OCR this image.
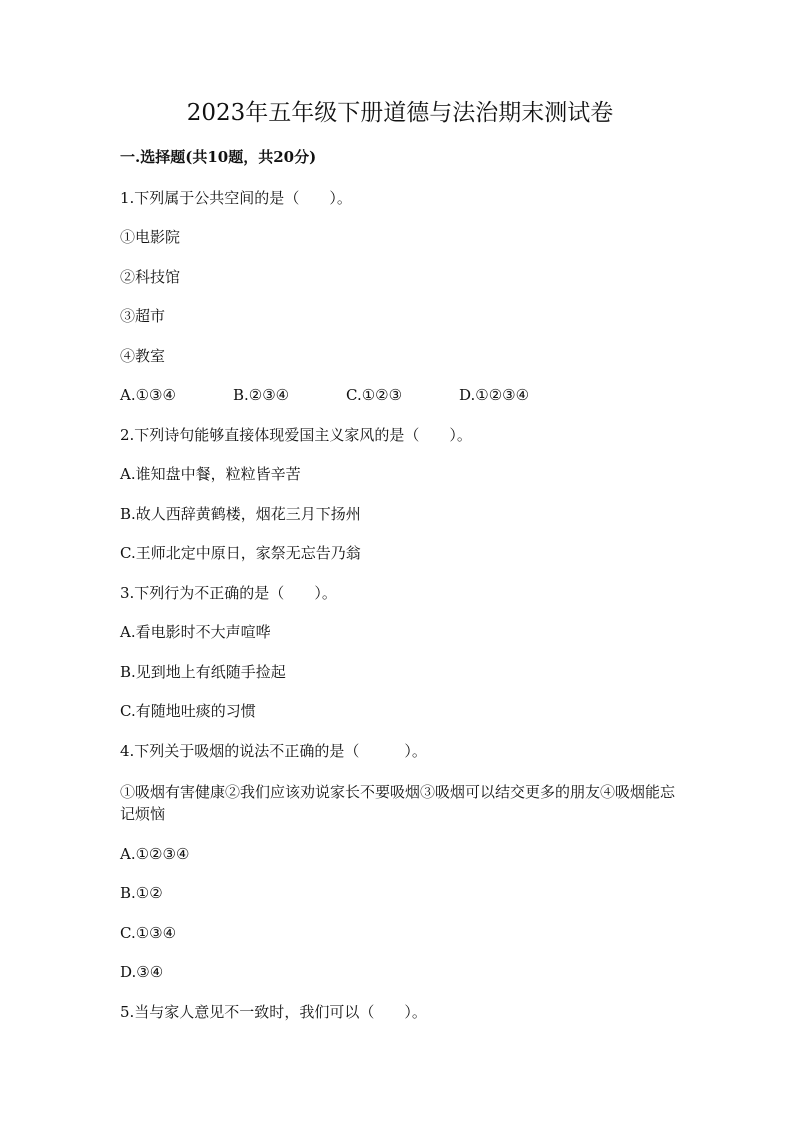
2023年五年级下册道德与法治期末测试卷
一.选择题(共10题，共20分)
1.下列属于公共空间的是（　　）。
①电影院
②科技馆
③超市
④教室
A.①③④	B.②③④	C.①②③	D.①②③④
2.下列诗句能够直接体现爱国主义家风的是（　　）。
A.谁知盘中餐，粒粒皆辛苦
B.故人西辞黄鹤楼，烟花三月下扬州
C.王师北定中原日，家祭无忘告乃翁
3.下列行为不正确的是（　　）。
A.看电影时不大声喧哗
B.见到地上有纸随手捡起
C.有随地吐痰的习惯
4.下列关于吸烟的说法不正确的是（　　　）。
①吸烟有害健康②我们应该劝说家长不要吸烟③吸烟可以结交更多的朋友④吸烟能忘记烦恼
A.①②③④
B.①②
C.①③④
D.③④
5.当与家人意见不一致时，我们可以（　　）。
